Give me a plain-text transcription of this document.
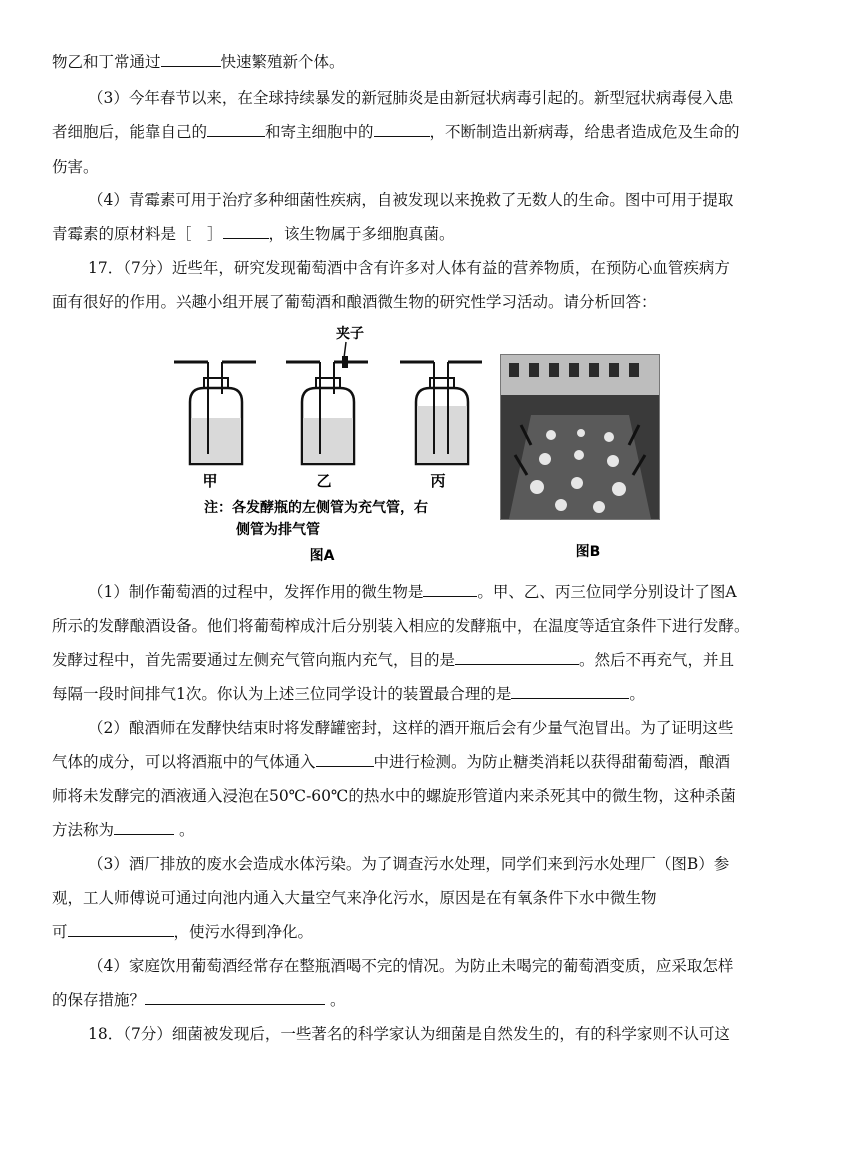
物乙和丁常通过	快速繁殖新个体。
（3）今年春节以来，在全球持续暴发的新冠肺炎是由新冠状病毒引起的。新型冠状病毒侵入患
者细胞后，能靠自己的	和寄主细胞中的	，不断制造出新病毒，给患者造成危及生命的
伤害。
（4）青霉素可用于治疗多种细菌性疾病，自被发现以来挽救了无数人的生命。图中可用于提取
青霉素的原材料是［　］	，该生物属于多细胞真菌。
17．（7分）近些年，研究发现葡萄酒中含有许多对人体有益的营养物质，在预防心血管疾病方
面有很好的作用。兴趣小组开展了葡萄酒和酿酒微生物的研究性学习活动。请分析回答：
夹子
甲	乙	丙
注：各发酵瓶的左侧管为充气管，右
侧管为排气管
图A	图B
（1）制作葡萄酒的过程中，发挥作用的微生物是	。甲、乙、丙三位同学分别设计了图A
所示的发酵酿酒设备。他们将葡萄榨成汁后分别装入相应的发酵瓶中，在温度等适宜条件下进行发酵。
发酵过程中，首先需要通过左侧充气管向瓶内充气，目的是	。然后不再充气，并且
每隔一段时间排气1次。你认为上述三位同学设计的装置最合理的是	。
（2）酿酒师在发酵快结束时将发酵罐密封，这样的酒开瓶后会有少量气泡冒出。为了证明这些
气体的成分，可以将酒瓶中的气体通入	中进行检测。为防止糖类消耗以获得甜葡萄酒，酿酒
师将未发酵完的酒液通入浸泡在50℃-60℃的热水中的螺旋形管道内来杀死其中的微生物，这种杀菌
方法称为	。
（3）酒厂排放的废水会造成水体污染。为了调查污水处理，同学们来到污水处理厂（图B）参
观，工人师傅说可通过向池内通入大量空气来净化污水，原因是在有氧条件下水中微生物
可	，使污水得到净化。
（4）家庭饮用葡萄酒经常存在整瓶酒喝不完的情况。为防止未喝完的葡萄酒变质，应采取怎样
的保存措施？	。
18．（7分）细菌被发现后，一些著名的科学家认为细菌是自然发生的，有的科学家则不认可这
